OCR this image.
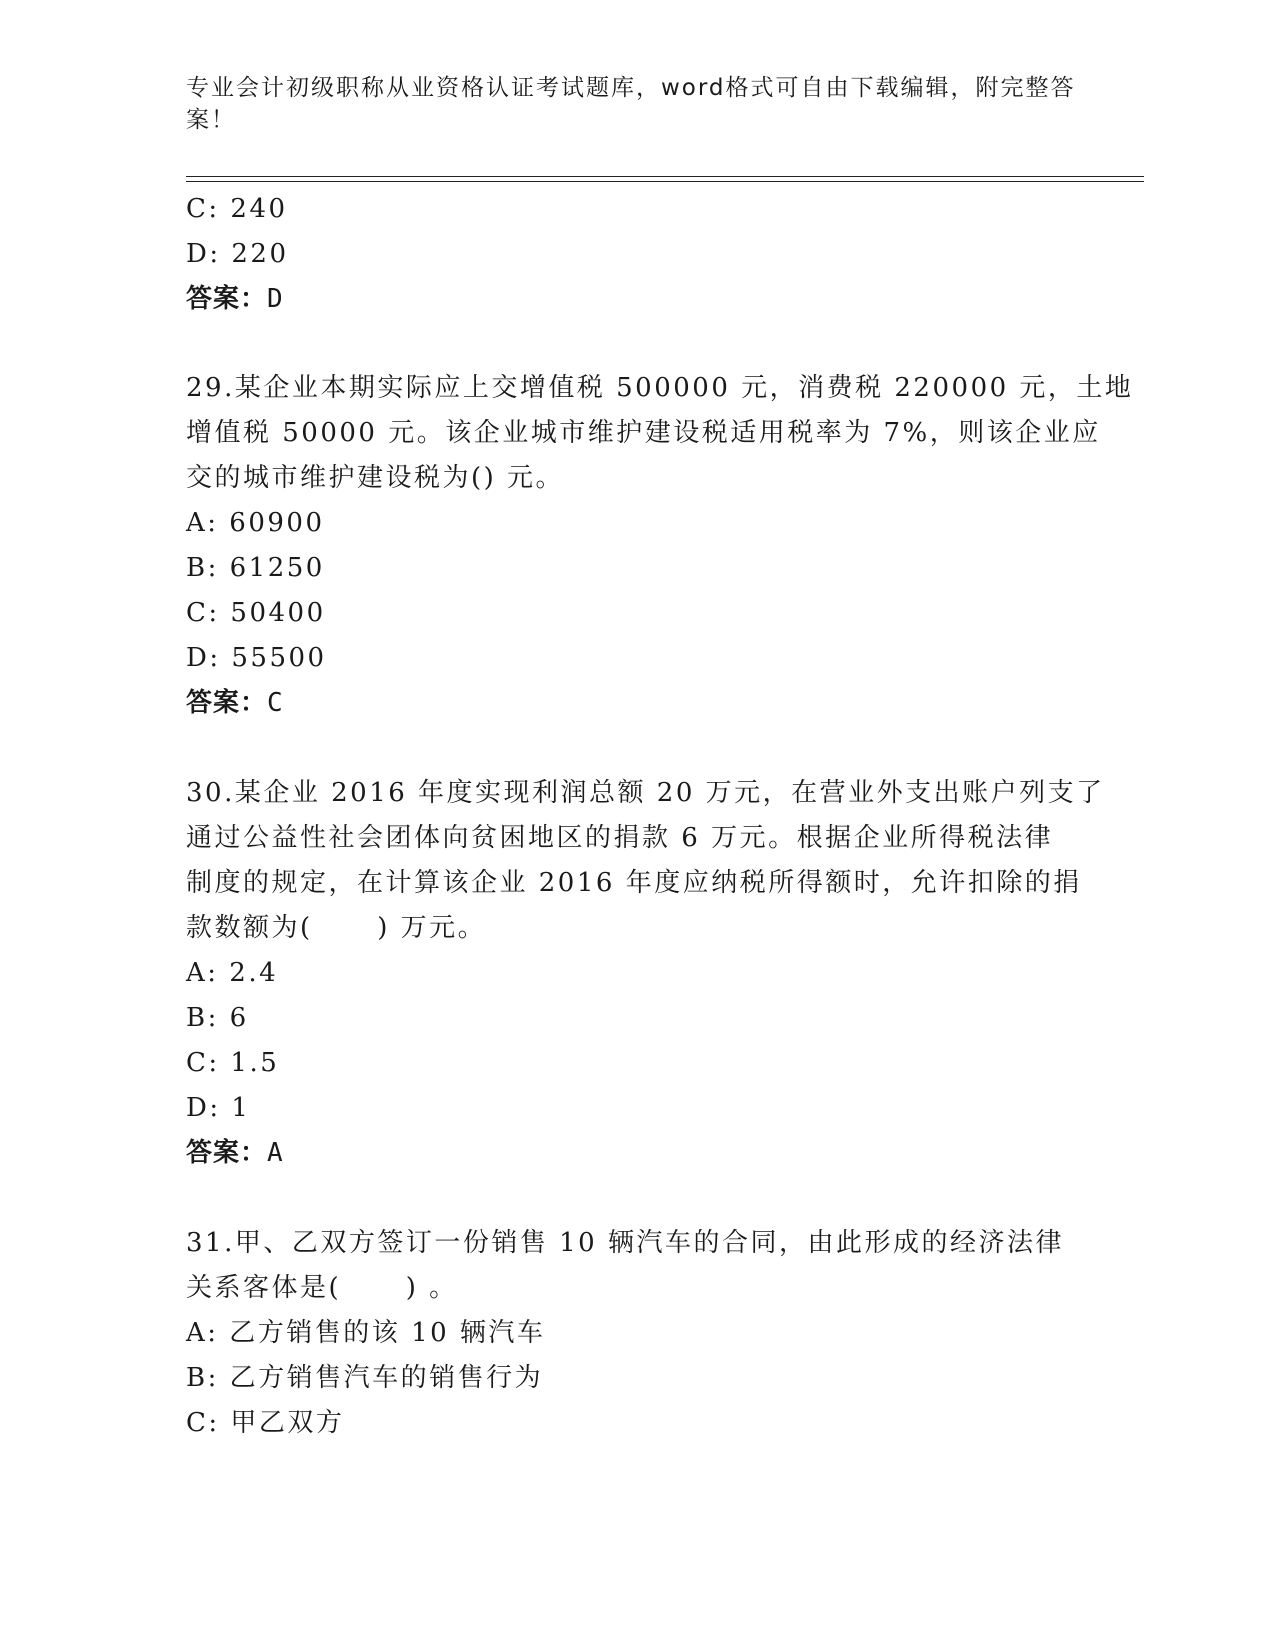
专业会计初级职称从业资格认证考试题库，word格式可自由下载编辑，附完整答案！
C: 240
D: 220
答案：D
29.某企业本期实际应上交增值税 500000 元，消费税 220000 元，土地
增值税 50000 元。该企业城市维护建设税适用税率为 7%，则该企业应
交的城市维护建设税为() 元。
A: 60900
B: 61250
C: 50400
D: 55500
答案：C
30.某企业 2016 年度实现利润总额 20 万元，在营业外支出账户列支了
通过公益性社会团体向贫困地区的捐款 6 万元。根据企业所得税法律
制度的规定，在计算该企业 2016 年度应纳税所得额时，允许扣除的捐
款数额为(      ) 万元。
A: 2.4
B: 6
C: 1.5
D: 1
答案：A
31.甲、乙双方签订一份销售 10 辆汽车的合同，由此形成的经济法律
关系客体是(      ) 。
A: 乙方销售的该 10 辆汽车
B: 乙方销售汽车的销售行为
C: 甲乙双方
